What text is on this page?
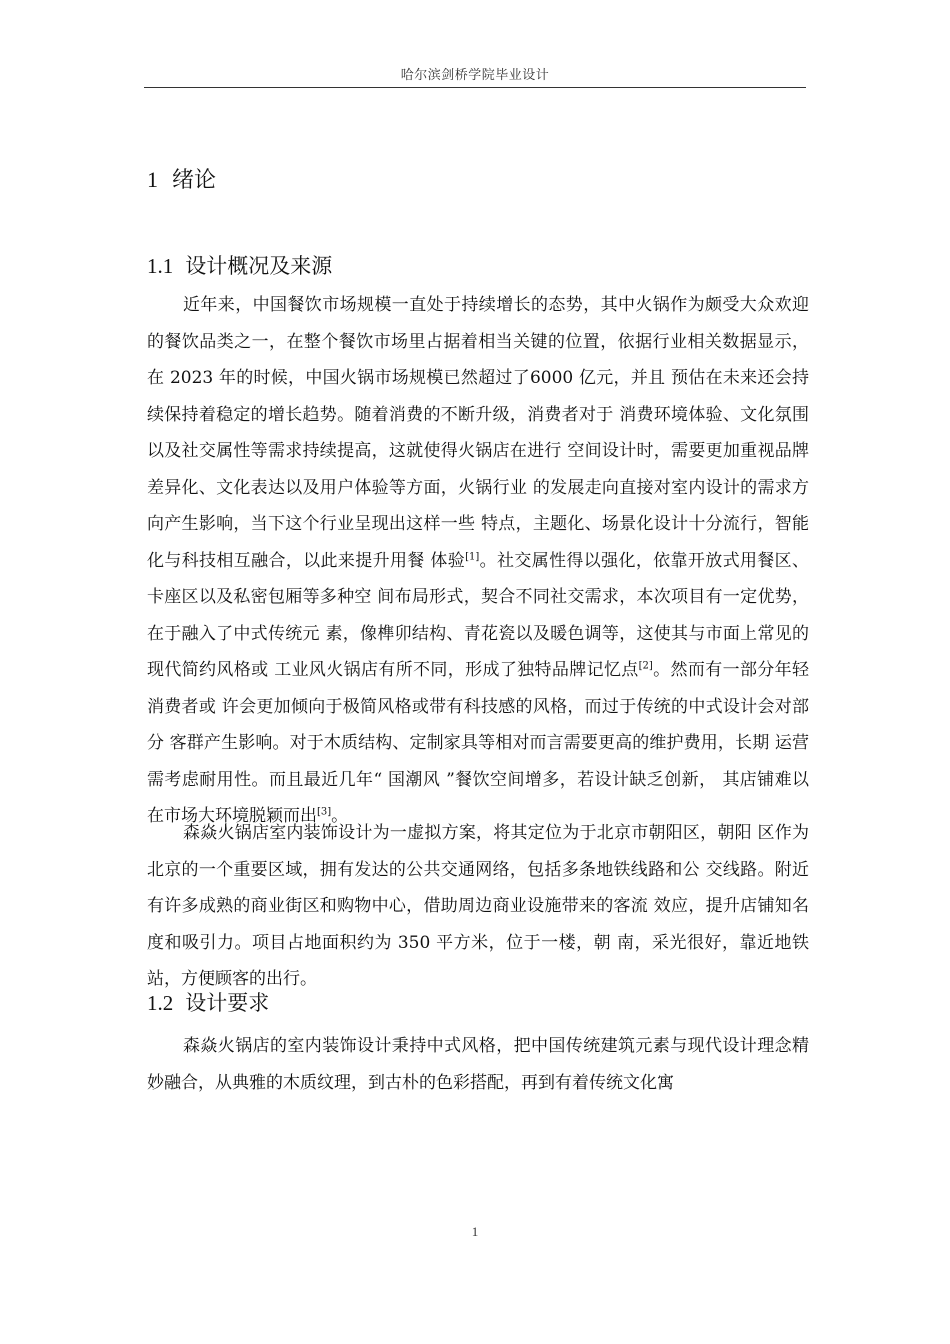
哈尔滨剑桥学院毕业设计
1 绪论
1.1 设计概况及来源

近年来，中国餐饮市场规模一直处于持续增长的态势，其中火锅作为颇受大众欢迎的餐饮品类之一，在整个餐饮市场里占据着相当关键的位置，依据行业相关数据显示，在 2023 年的时候，中国火锅市场规模已然超过了6000 亿元，并且 预估在未来还会持续保持着稳定的增长趋势。随着消费的不断升级，消费者对于 消费环境体验、文化氛围以及社交属性等需求持续提高，这就使得火锅店在进行 空间设计时，需要更加重视品牌差异化、文化表达以及用户体验等方面，火锅行业 的发展走向直接对室内设计的需求方向产生影响，当下这个行业呈现出这样一些 特点，主题化、场景化设计十分流行，智能化与科技相互融合，以此来提升用餐 体验[1]。社交属性得以强化，依靠开放式用餐区、卡座区以及私密包厢等多种空 间布局形式，契合不同社交需求，本次项目有一定优势，在于融入了中式传统元 素，像榫卯结构、青花瓷以及暖色调等，这使其与市面上常见的现代简约风格或 工业风火锅店有所不同，形成了独特品牌记忆点[2]。然而有一部分年轻消费者或 许会更加倾向于极简风格或带有科技感的风格，而过于传统的中式设计会对部分 客群产生影响。对于木质结构、定制家具等相对而言需要更高的维护费用，长期 运营需考虑耐用性。而且最近几年“ 国潮风 ”餐饮空间增多，若设计缺乏创新， 其店铺难以在市场大环境脱颖而出[3]。

森焱火锅店室内装饰设计为一虚拟方案，将其定位为于北京市朝阳区，朝阳 区作为北京的一个重要区域，拥有发达的公共交通网络，包括多条地铁线路和公 交线路。附近有许多成熟的商业街区和购物中心，借助周边商业设施带来的客流 效应，提升店铺知名度和吸引力。项目占地面积约为 350 平方米，位于一楼，朝 南，采光很好，靠近地铁站，方便顾客的出行。

1.2 设计要求

森焱火锅店的室内装饰设计秉持中式风格，把中国传统建筑元素与现代设计理念精妙融合，从典雅的木质纹理，到古朴的色彩搭配，再到有着传统文化寓

1
